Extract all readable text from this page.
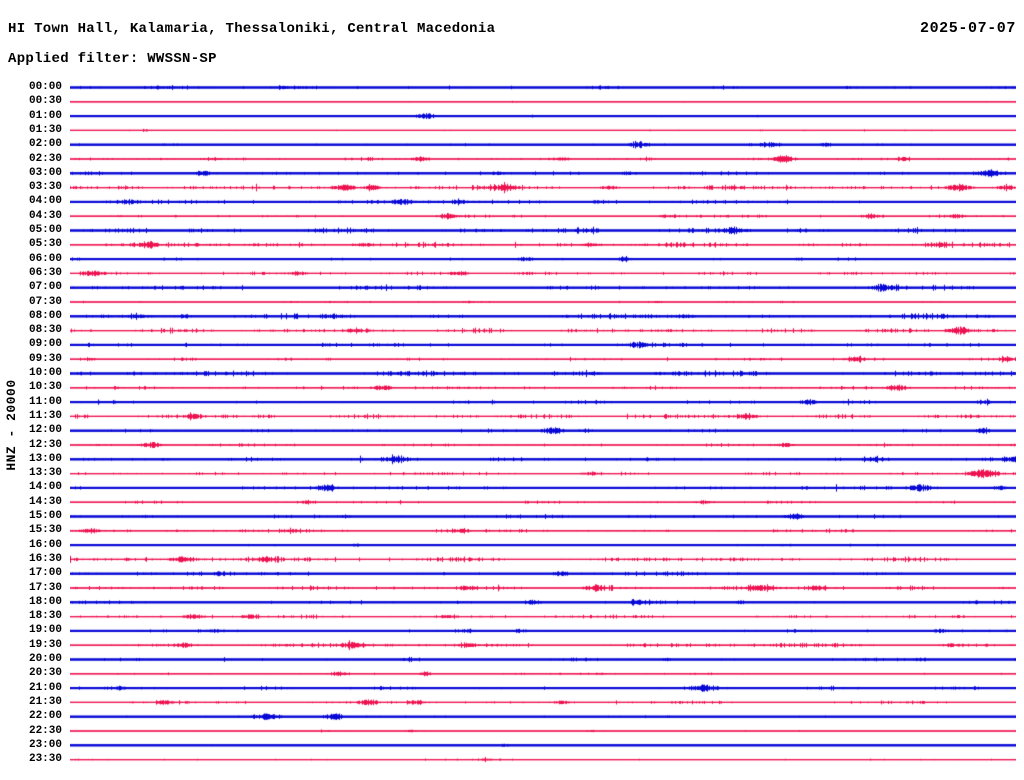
HI Town Hall, Kalamaria, Thessaloniki, Central Macedonia	2025-07-07
Applied filter: WWSSN-SP
HNZ - 20000
00:00
00:30
01:00
01:30
02:00
02:30
03:00
03:30
04:00
04:30
05:00
05:30
06:00
06:30
07:00
07:30
08:00
08:30
09:00
09:30
10:00
10:30
11:00
11:30
12:00
12:30
13:00
13:30
14:00
14:30
15:00
15:30
16:00
16:30
17:00
17:30
18:00
18:30
19:00
19:30
20:00
20:30
21:00
21:30
22:00
22:30
23:00
23:30
